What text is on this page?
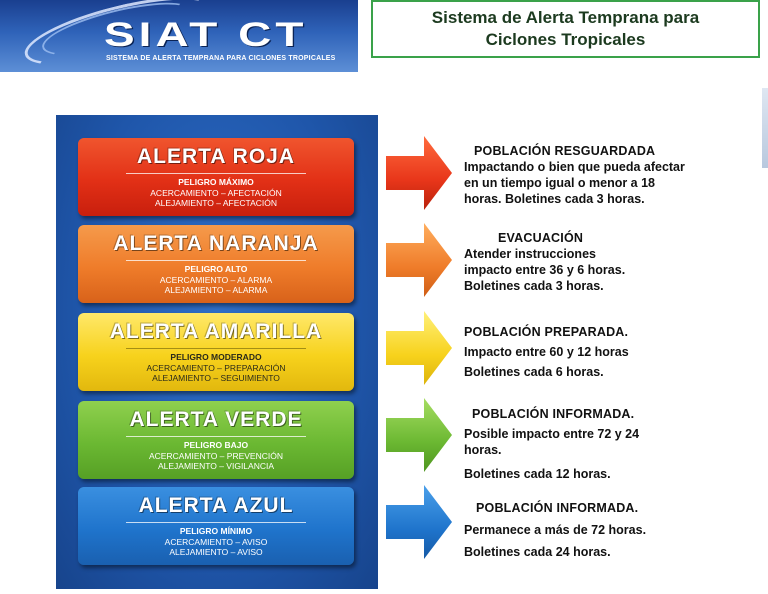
SIAT CT
SISTEMA DE ALERTA TEMPRANA PARA CICLONES TROPICALES
Sistema de Alerta Temprana para
Ciclones Tropicales
ALERTA ROJA
PELIGRO MÁXIMO
ACERCAMIENTO – AFECTACIÓN
ALEJAMIENTO – AFECTACIÓN
ALERTA NARANJA
PELIGRO ALTO
ACERCAMIENTO – ALARMA
ALEJAMIENTO – ALARMA
ALERTA AMARILLA
PELIGRO MODERADO
ACERCAMIENTO – PREPARACIÓN
ALEJAMIENTO – SEGUIMIENTO
ALERTA VERDE
PELIGRO BAJO
ACERCAMIENTO – PREVENCIÓN
ALEJAMIENTO – VIGILANCIA
ALERTA AZUL
PELIGRO MÍNIMO
ACERCAMIENTO – AVISO
ALEJAMIENTO – AVISO
POBLACIÓN RESGUARDADA
Impactando o bien que pueda afectar
en un tiempo igual o menor a 18
horas. Boletines cada 3 horas.
EVACUACIÓN
Atender instrucciones
impacto entre 36 y 6 horas.
Boletines cada 3 horas.
POBLACIÓN PREPARADA.
Impacto entre 60 y 12 horas
Boletines cada 6 horas.
POBLACIÓN INFORMADA.
Posible impacto entre 72 y 24
horas.
Boletines cada 12 horas.
POBLACIÓN INFORMADA.
Permanece a más de 72 horas.
Boletines cada 24 horas.
